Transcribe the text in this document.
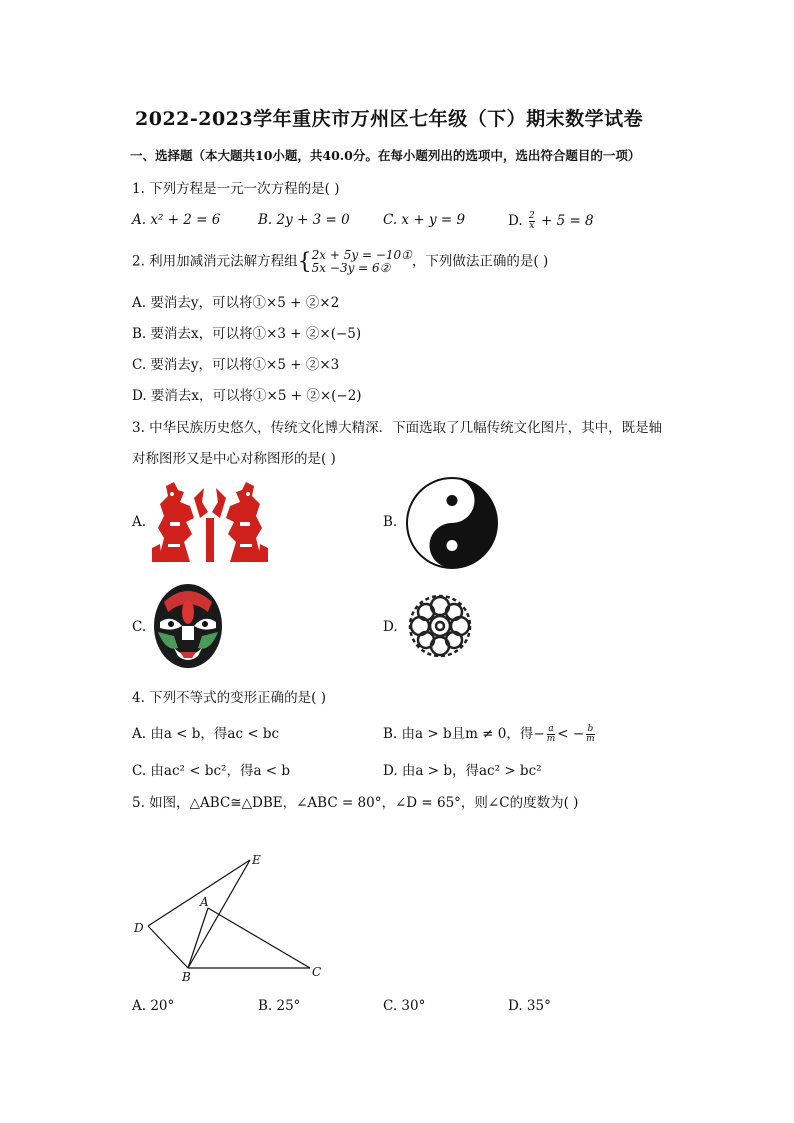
2022-2023学年重庆市万州区七年级（下）期末数学试卷
一、选择题（本大题共10小题，共40.0分。在每小题列出的选项中，选出符合题目的一项）
1. 下列方程是一元一次方程的是( )
A. x² + 2 = 6	B. 2y + 3 = 0 C. x + y = 9	D. $\frac{2}{x} + 5 = 8$
2. 利用加减消元法解方程组{ 2x + 5y = −10①
5x −3y = 6②	，下列做法正确的是( )
A. 要消去y，可以将①×5 + ②×2
B. 要消去x，可以将①×3 + ②×(−5)
C. 要消去y，可以将①×5 + ②×3
D. 要消去x，可以将①×5 + ②×(−2)
3. 中华民族历史悠久，传统文化博大精深．下面选取了几幅传统文化图片，其中，既是轴
对称图形又是中心对称图形的是( )
A.	B.
C.	D.
4. 下列不等式的变形正确的是( )
A. 由a < b，得ac < bc	B. 由a > b且m ≠ 0，得− $\frac{a}{m}$ < − $\frac{b}{m}$
C. 由ac² < bc²，得a < b	D. 由a > b，得ac² > bc²
5. 如图，△ABC≅△DBE，∠ABC = 80°，∠D = 65°，则∠C的度数为( )
E
A
D
B	C
A. 20°	B. 25°	C. 30°	D. 35°
